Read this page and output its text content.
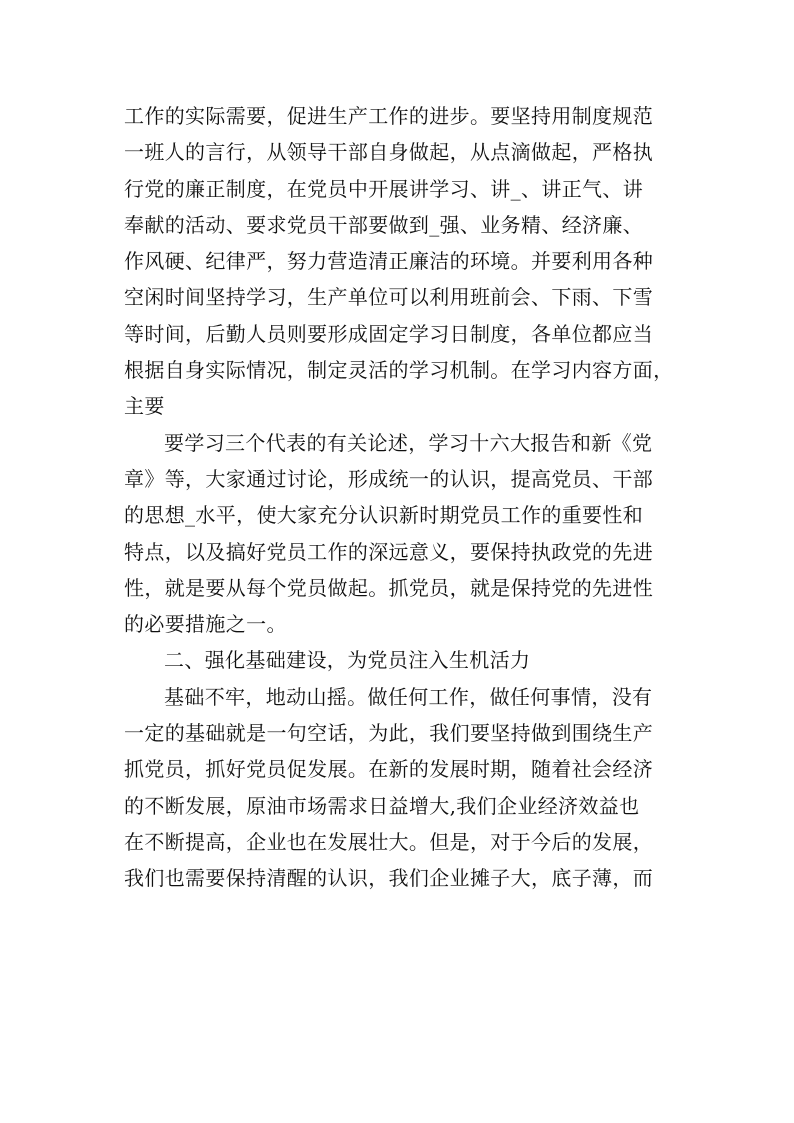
工作的实际需要，促进生产工作的进步。要坚持用制度规范
一班人的言行，从领导干部自身做起，从点滴做起，严格执
行党的廉正制度，在党员中开展讲学习、讲_、讲正气、讲
奉献的活动、要求党员干部要做到_强、业务精、经济廉、
作风硬、纪律严，努力营造清正廉洁的环境。并要利用各种
空闲时间坚持学习，生产单位可以利用班前会、下雨、下雪
等时间，后勤人员则要形成固定学习日制度，各单位都应当
根据自身实际情况，制定灵活的学习机制。在学习内容方面，
主要
要学习三个代表的有关论述，学习十六大报告和新《党
章》等，大家通过讨论，形成统一的认识，提高党员、干部
的思想_水平，使大家充分认识新时期党员工作的重要性和
特点，以及搞好党员工作的深远意义，要保持执政党的先进
性，就是要从每个党员做起。抓党员，就是保持党的先进性
的必要措施之一。
二、强化基础建设，为党员注入生机活力
基础不牢，地动山摇。做任何工作，做任何事情，没有
一定的基础就是一句空话，为此，我们要坚持做到围绕生产
抓党员，抓好党员促发展。在新的发展时期，随着社会经济
的不断发展，原油市场需求日益增大,我们企业经济效益也
在不断提高，企业也在发展壮大。但是，对于今后的发展，
我们也需要保持清醒的认识，我们企业摊子大，底子薄，而
